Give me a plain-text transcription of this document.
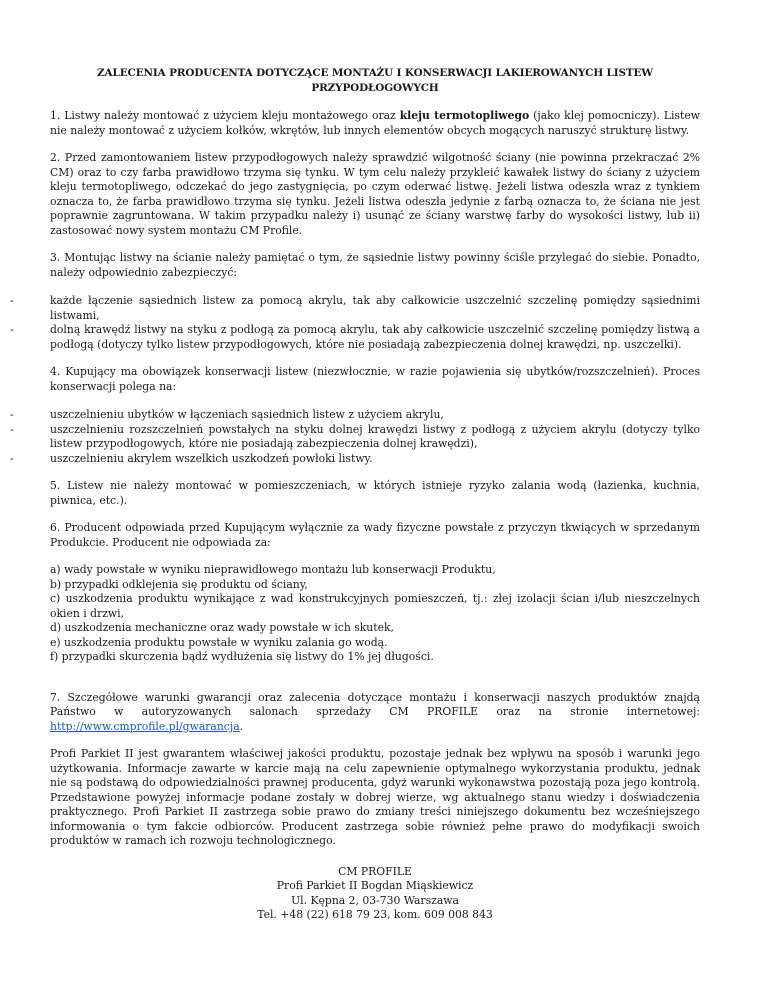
ZALECENIA PRODUCENTA DOTYCZĄCE MONTAŻU I KONSERWACJI LAKIEROWANYCH LISTEW PRZYPODŁOGOWYCH

1. Listwy należy montować z użyciem kleju montażowego oraz kleju termotopliwego (jako klej pomocniczy). Listew nie należy montować z użyciem kołków, wkrętów, lub innych elementów obcych mogących naruszyć strukturę listwy.

2. Przed zamontowaniem listew przypodłogowych należy sprawdzić wilgotność ściany (nie powinna przekraczać 2% CM) oraz to czy farba prawidłowo trzyma się tynku. W tym celu należy przykleić kawałek listwy do ściany z użyciem kleju termotopliwego, odczekać do jego zastygnięcia, po czym oderwać listwę. Jeżeli listwa odeszła wraz z tynkiem oznacza to, że farba prawidłowo trzyma się tynku. Jeżeli listwa odeszła jedynie z farbą oznacza to, że ściana nie jest poprawnie zagruntowana. W takim przypadku należy i) usunąć ze ściany warstwę farby do wysokości listwy, lub ii) zastosować nowy system montażu CM Profile.

3. Montując listwy na ścianie należy pamiętać o tym, że sąsiednie listwy powinny ściśle przylegać do siebie. Ponadto, należy odpowiednio zabezpieczyć:

-	każde łączenie sąsiednich listew za pomocą akrylu, tak aby całkowicie uszczelnić szczelinę pomiędzy sąsiednimi listwami,
-	dolną krawędź listwy na styku z podłogą za pomocą akrylu, tak aby całkowicie uszczelnić szczelinę pomiędzy listwą a podłogą (dotyczy tylko listew przypodłogowych, które nie posiadają zabezpieczenia dolnej krawędzi, np. uszczelki).

4. Kupujący ma obowiązek konserwacji listew (niezwłocznie, w razie pojawienia się ubytków/rozszczelnień). Proces konserwacji polega na:

-	uszczelnieniu ubytków w łączeniach sąsiednich listew z użyciem akrylu,
-	uszczelnieniu rozszczelnień powstałych na styku dolnej krawędzi listwy z podłogą z użyciem akrylu (dotyczy tylko listew przypodłogowych, które nie posiadają zabezpieczenia dolnej krawędzi),
-	uszczelnieniu akrylem wszelkich uszkodzeń powłoki listwy.

5. Listew nie należy montować w pomieszczeniach, w których istnieje ryzyko zalania wodą (łazienka, kuchnia, piwnica, etc.).

6. Producent odpowiada przed Kupującym wyłącznie za wady fizyczne powstałe z przyczyn tkwiących w sprzedanym Produkcie. Producent nie odpowiada za:

a) wady powstałe w wyniku nieprawidłowego montażu lub konserwacji Produktu,
b) przypadki odklejenia się produktu od ściany,
c) uszkodzenia produktu wynikające z wad konstrukcyjnych pomieszczeń, tj.: złej izolacji ścian i/lub nieszczelnych okien i drzwi,
d) uszkodzenia mechaniczne oraz wady powstałe w ich skutek,
e) uszkodzenia produktu powstałe w wyniku zalania go wodą.
f) przypadki skurczenia bądź wydłużenia się listwy do 1% jej długości.

7. Szczegółowe warunki gwarancji oraz zalecenia dotyczące montażu i konserwacji naszych produktów znajdą Państwo w autoryzowanych salonach sprzedaży CM PROFILE oraz na stronie internetowej: http://www.cmprofile.pl/gwarancja.

Profi Parkiet II jest gwarantem właściwej jakości produktu, pozostaje jednak bez wpływu na sposób i warunki jego użytkowania. Informacje zawarte w karcie mają na celu zapewnienie optymalnego wykorzystania produktu, jednak nie są podstawą do odpowiedzialności prawnej producenta, gdyż warunki wykonawstwa pozostają poza jego kontrolą. Przedstawione powyżej informacje podane zostały w dobrej wierze, wg aktualnego stanu wiedzy i doświadczenia praktycznego. Profi Parkiet II zastrzega sobie prawo do zmiany treści niniejszego dokumentu bez wcześniejszego informowania o tym fakcie odbiorców. Producent zastrzega sobie również pełne prawo do modyfikacji swoich produktów w ramach ich rozwoju technologicznego.

CM PROFILE
Profi Parkiet II Bogdan Miąskiewicz
Ul. Kępna 2, 03-730 Warszawa
Tel. +48 (22) 618 79 23, kom. 609 008 843
